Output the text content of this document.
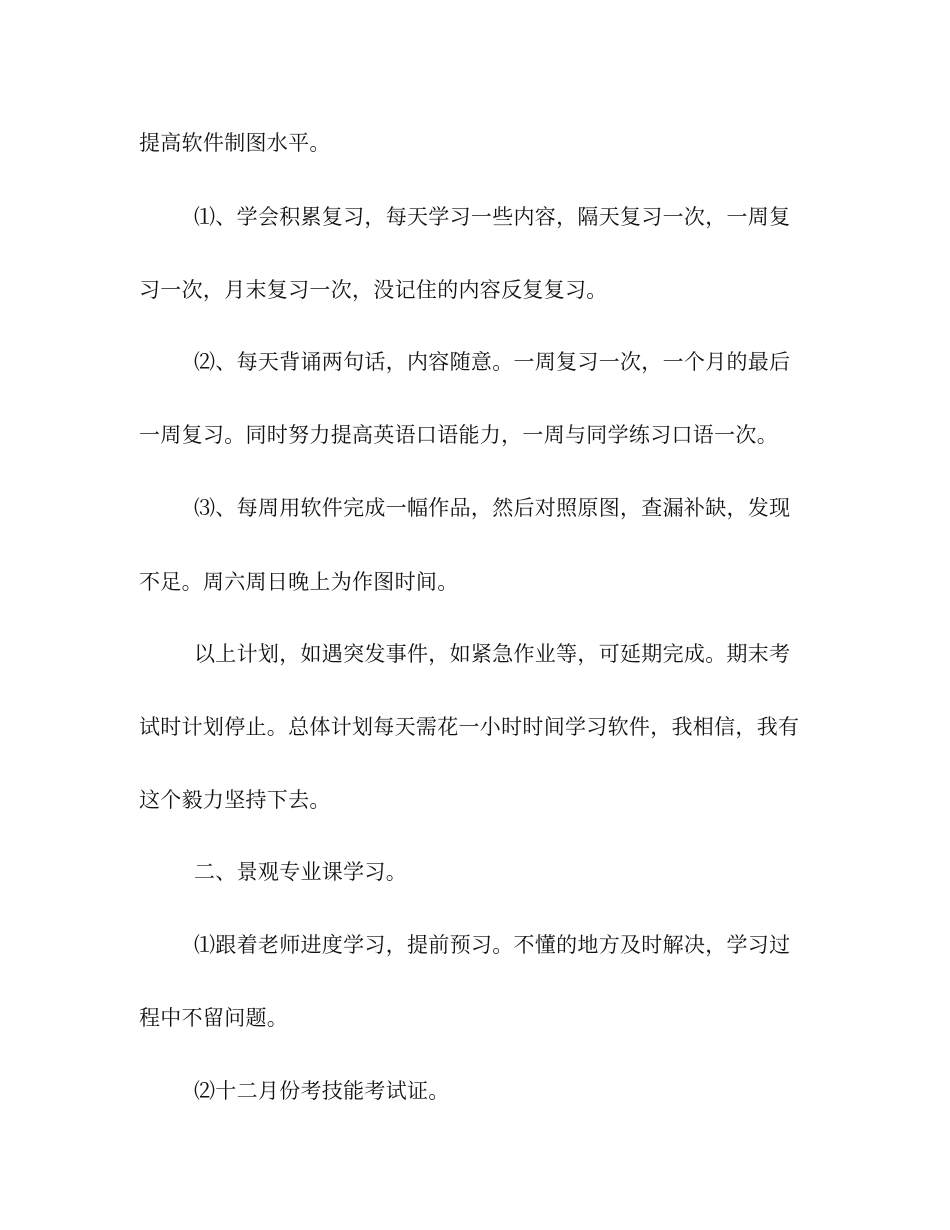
提高软件制图水平。
⑴、学会积累复习，每天学习一些内容，隔天复习一次，一周复
习一次，月末复习一次，没记住的内容反复复习。
⑵、每天背诵两句话，内容随意。一周复习一次，一个月的最后
一周复习。同时努力提高英语口语能力，一周与同学练习口语一次。
⑶、每周用软件完成一幅作品，然后对照原图，查漏补缺，发现
不足。周六周日晚上为作图时间。
以上计划，如遇突发事件，如紧急作业等，可延期完成。期末考
试时计划停止。总体计划每天需花一小时时间学习软件，我相信，我有
这个毅力坚持下去。
二、景观专业课学习。
⑴跟着老师进度学习，提前预习。不懂的地方及时解决，学习过
程中不留问题。
⑵十二月份考技能考试证。
